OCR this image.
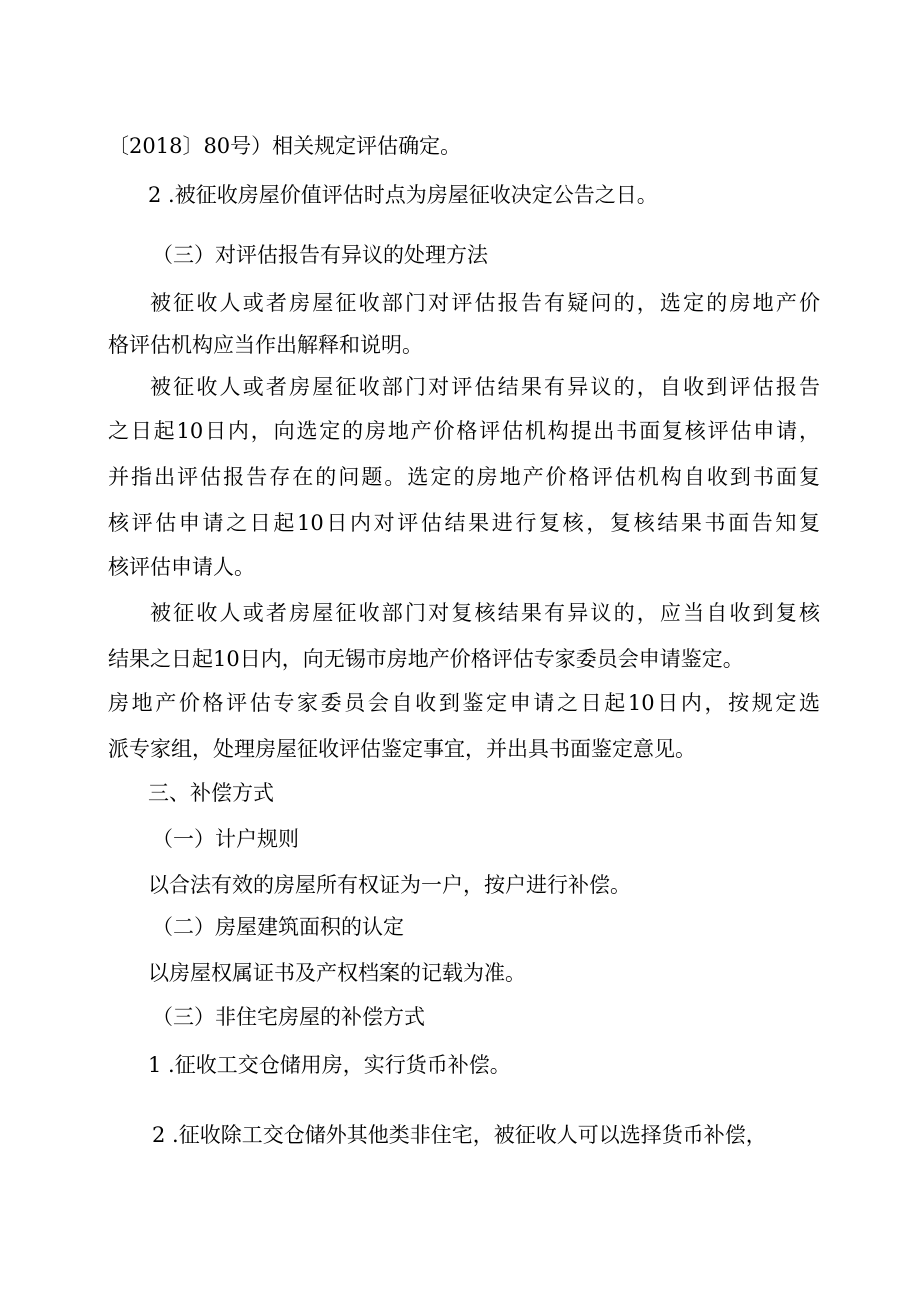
〔2018〕80号）相关规定评估确定。
2 .被征收房屋价值评估时点为房屋征收决定公告之日。
（三）对评估报告有异议的处理方法
被征收人或者房屋征收部门对评估报告有疑问的，选定的房地产价
格评估机构应当作出解释和说明。
被征收人或者房屋征收部门对评估结果有异议的，自收到评估报告
之日起10日内，向选定的房地产价格评估机构提出书面复核评估申请，
并指出评估报告存在的问题。选定的房地产价格评估机构自收到书面复
核评估申请之日起10日内对评估结果进行复核，复核结果书面告知复
核评估申请人。
被征收人或者房屋征收部门对复核结果有异议的，应当自收到复核
结果之日起10日内，向无锡市房地产价格评估专家委员会申请鉴定。
房地产价格评估专家委员会自收到鉴定申请之日起10日内，按规定选
派专家组，处理房屋征收评估鉴定事宜，并出具书面鉴定意见。
三、补偿方式
（一）计户规则
以合法有效的房屋所有权证为一户，按户进行补偿。
（二）房屋建筑面积的认定
以房屋权属证书及产权档案的记载为准。
（三）非住宅房屋的补偿方式
1 .征收工交仓储用房，实行货币补偿。
2 .征收除工交仓储外其他类非住宅，被征收人可以选择货币补偿，
